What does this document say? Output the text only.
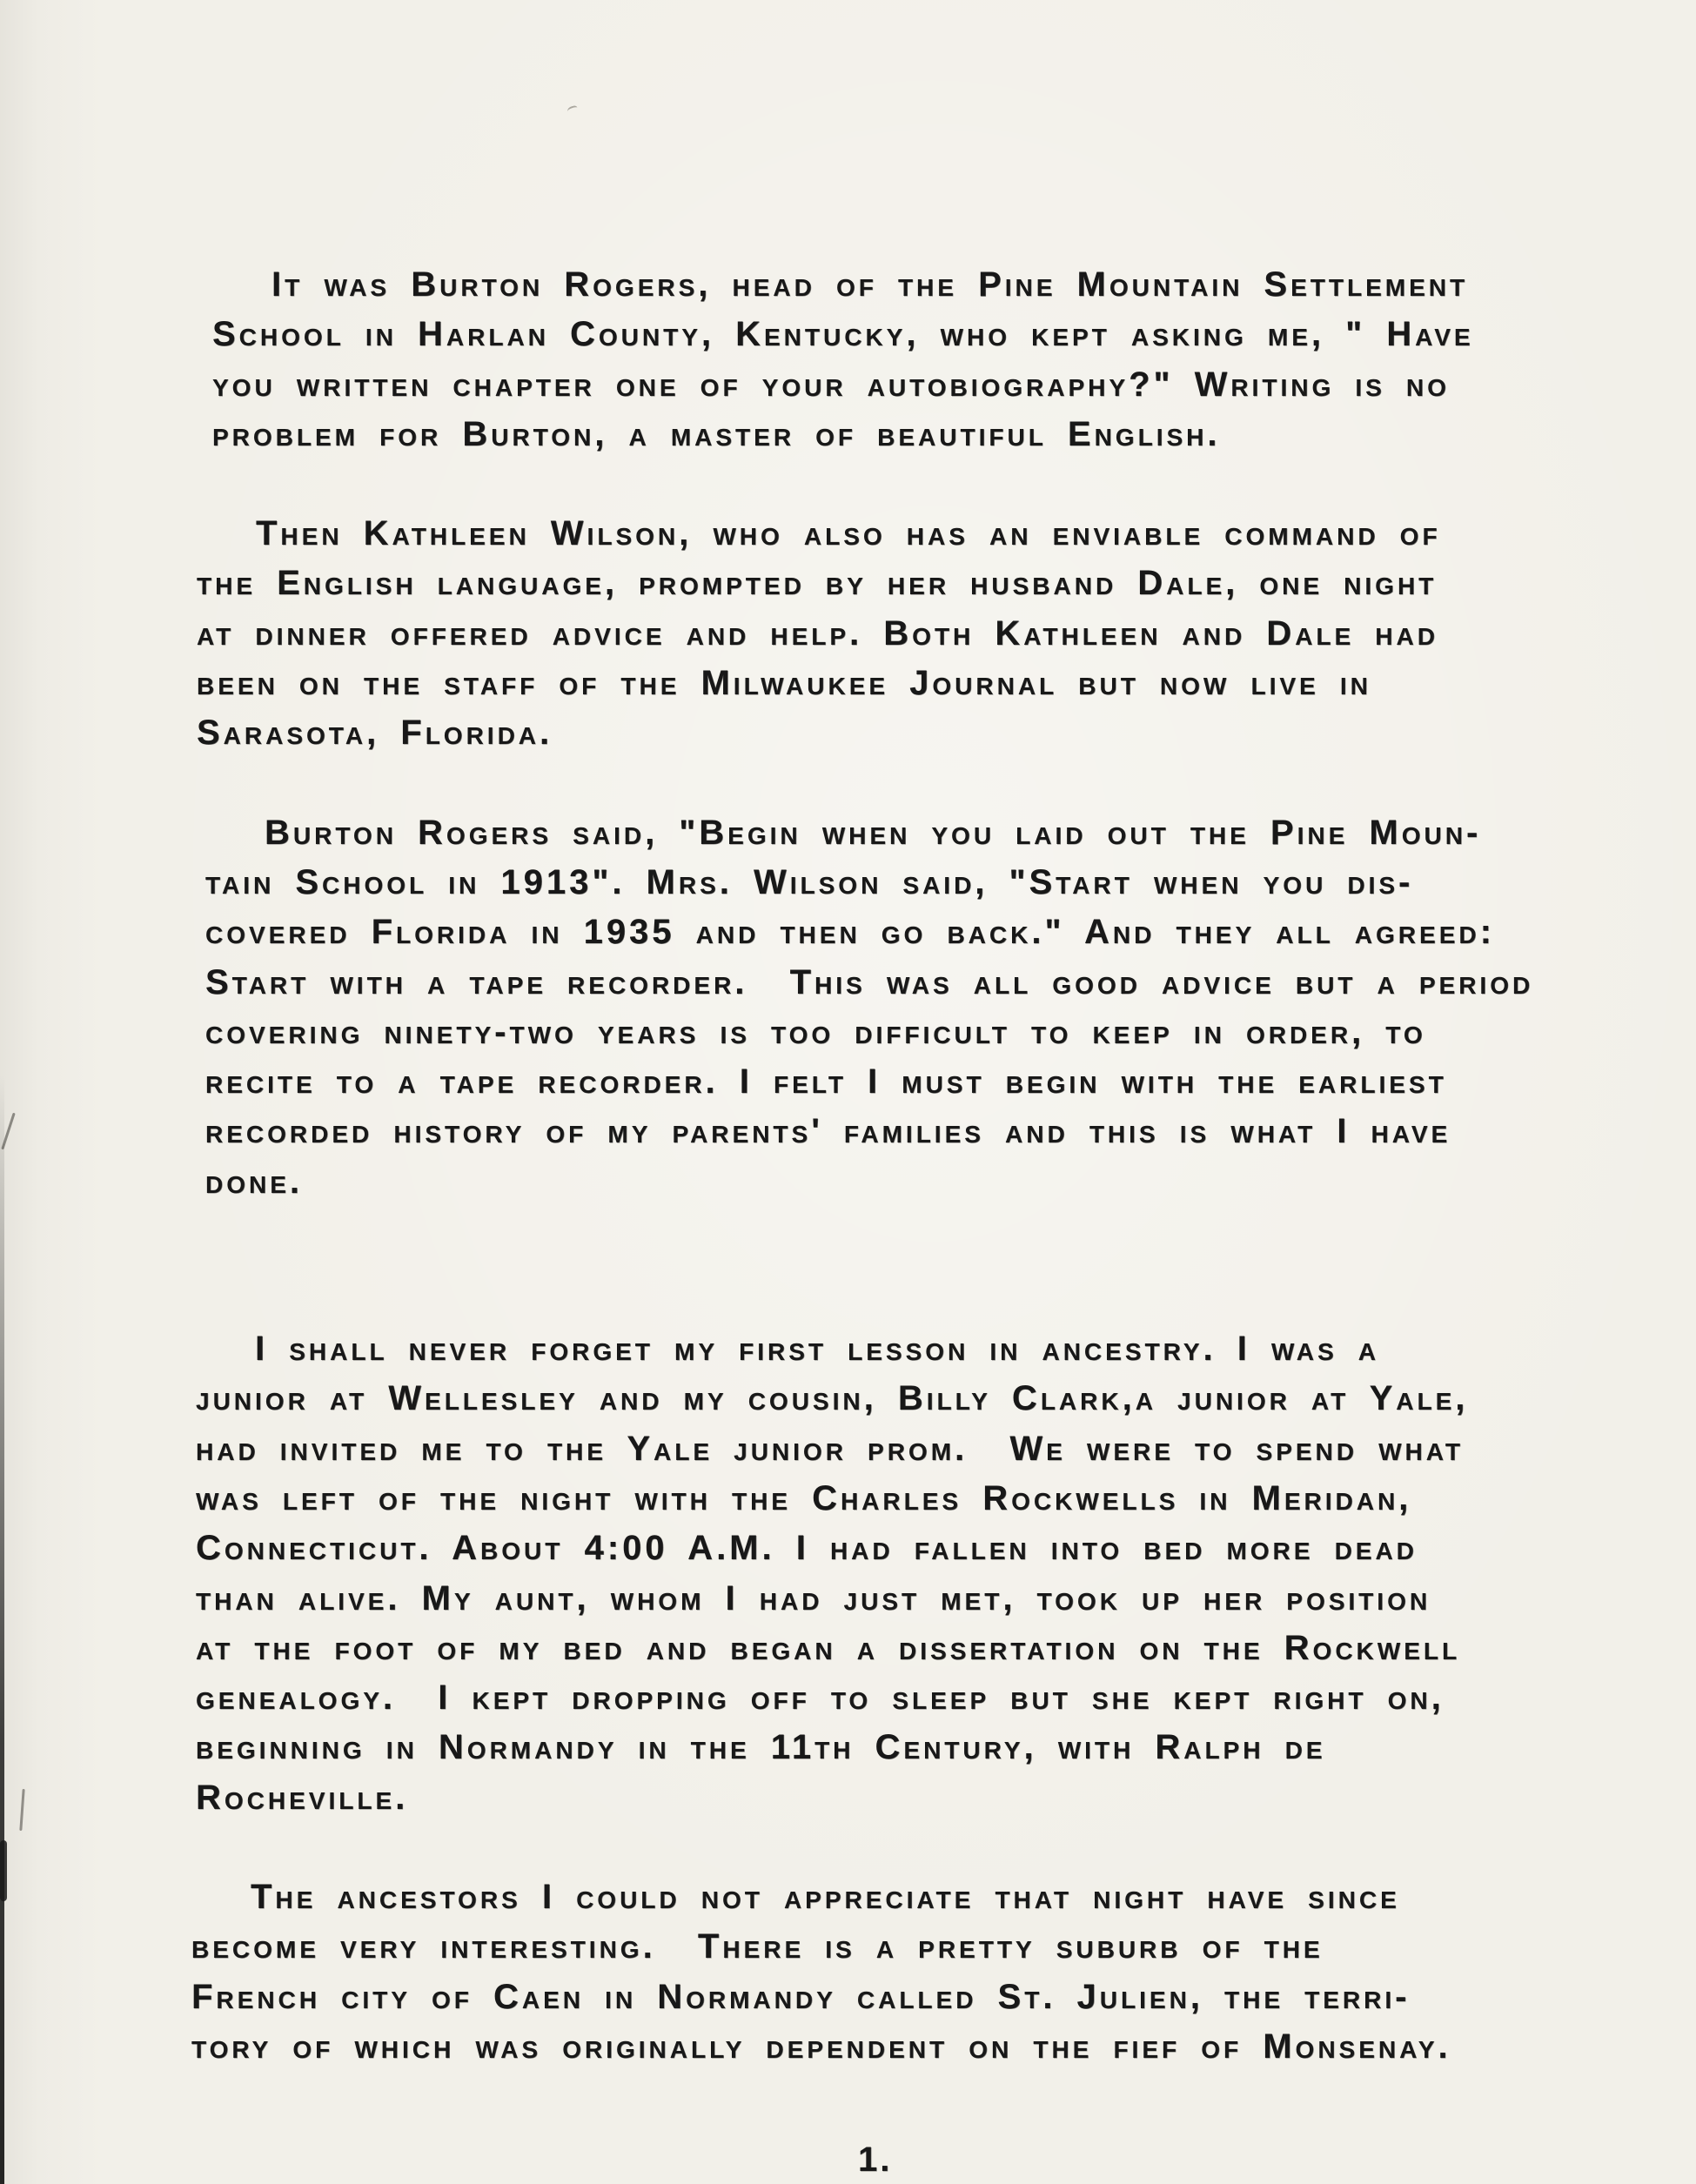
It was Burton Rogers, head of the Pine Mountain Settlement
School in Harlan County, Kentucky, who kept asking me, " Have
you written chapter one of your autobiography?" Writing is no
problem for Burton, a master of beautiful English.
Then Kathleen Wilson, who also has an enviable command of
the English language, prompted by her husband Dale, one night
at dinner offered advice and help. Both Kathleen and Dale had
been on the staff of the Milwaukee Journal but now live in
Sarasota, Florida.
Burton Rogers said, "Begin when you laid out the Pine Moun-
tain School in 1913". Mrs. Wilson said, "Start when you dis-
covered Florida in 1935 and then go back." And they all agreed:
Start with a tape recorder.  This was all good advice but a period
covering ninety-two years is too difficult to keep in order, to
recite to a tape recorder. I felt I must begin with the earliest
recorded history of my parents' families and this is what I have
done.
I shall never forget my first lesson in ancestry. I was a
junior at Wellesley and my cousin, Billy Clark,a junior at Yale,
had invited me to the Yale junior prom.  We were to spend what
was left of the night with the Charles Rockwells in Meridan,
Connecticut. About 4:00 A.M. I had fallen into bed more dead
than alive. My aunt, whom I had just met, took up her position
at the foot of my bed and began a dissertation on the Rockwell
genealogy.  I kept dropping off to sleep but she kept right on,
beginning in Normandy in the 11th Century, with Ralph de
Rocheville.
The ancestors I could not appreciate that night have since
become very interesting.  There is a pretty suburb of the
French city of Caen in Normandy called St. Julien, the terri-
tory of which was originally dependent on the fief of Monsenay.
1.
